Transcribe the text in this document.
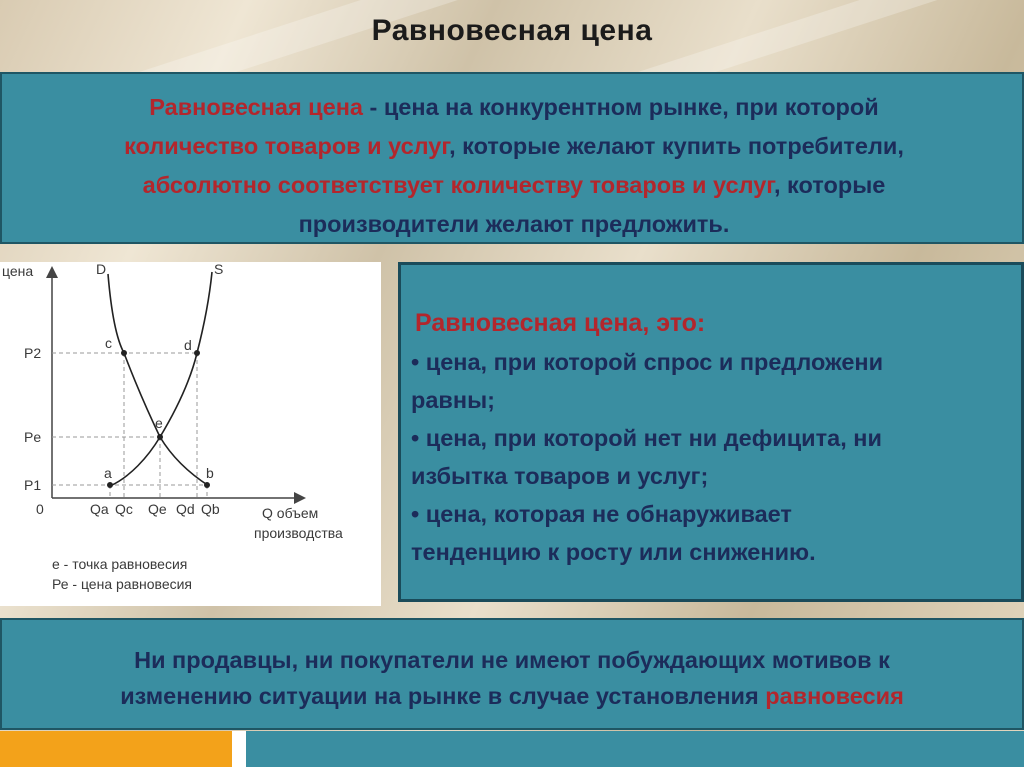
Равновесная цена
Равновесная цена - цена на конкурентном рынке, при которой
количество товаров и услуг, которые желают купить потребители,
абсолютно соответствует количеству товаров и услуг, которые
производители желают предложить.
цена	D	S
P2
Pe
P1
0	Qa Qc Qe Qd Qb
c	d
e
a	b
Q объем
производства
е - точка равновесия
Ре - цена равновесия
Равновесная цена, это:
• цена, при которой спрос и предложени
равны;
• цена, при которой нет ни дефицита, ни
избытка товаров и услуг;
• цена, которая не обнаруживает
тенденцию к росту или снижению.
Ни продавцы, ни покупатели не имеют побуждающих мотивов к
изменению ситуации на рынке в случае установления равновесия
